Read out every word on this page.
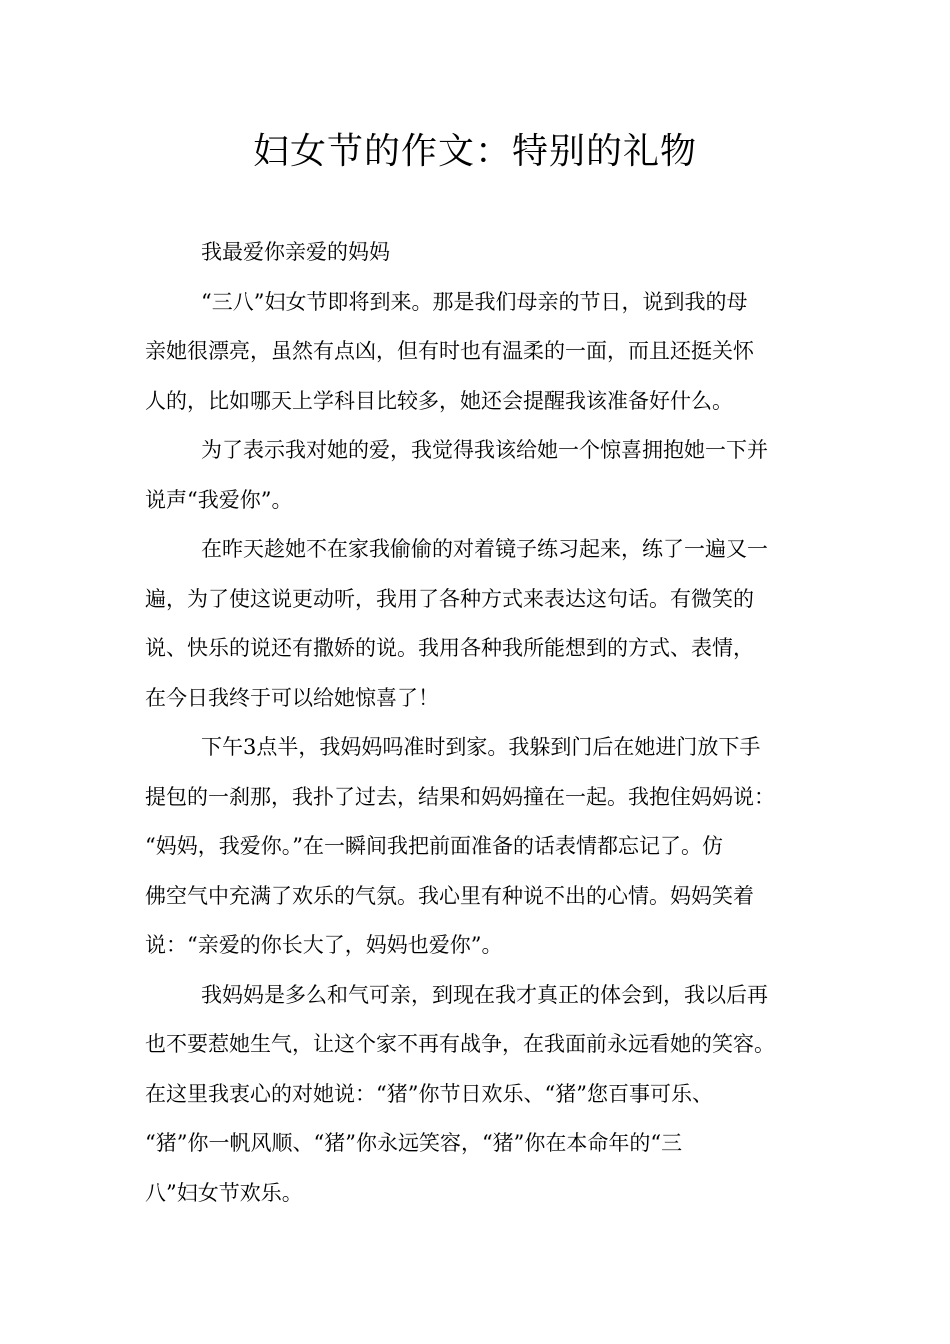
妇女节的作文：特别的礼物

我最爱你亲爱的妈妈

“三八”妇女节即将到来。那是我们母亲的节日，说到我的母
亲她很漂亮，虽然有点凶，但有时也有温柔的一面，而且还挺关怀
人的，比如哪天上学科目比较多，她还会提醒我该准备好什么。

为了表示我对她的爱，我觉得我该给她一个惊喜拥抱她一下并
说声“我爱你”。

在昨天趁她不在家我偷偷的对着镜子练习起来，练了一遍又一
遍，为了使这说更动听，我用了各种方式来表达这句话。有微笑的
说、快乐的说还有撒娇的说。我用各种我所能想到的方式、表情，
在今日我终于可以给她惊喜了！

下午3点半，我妈妈吗准时到家。我躲到门后在她进门放下手
提包的一刹那，我扑了过去，结果和妈妈撞在一起。我抱住妈妈说：
“妈妈，我爱你。”在一瞬间我把前面准备的话表情都忘记了。仿
佛空气中充满了欢乐的气氛。我心里有种说不出的心情。妈妈笑着
说：“亲爱的你长大了，妈妈也爱你”。

我妈妈是多么和气可亲，到现在我才真正的体会到，我以后再
也不要惹她生气，让这个家不再有战争，在我面前永远看她的笑容。
在这里我衷心的对她说：“猪”你节日欢乐、“猪”您百事可乐、
“猪”你一帆风顺、“猪”你永远笑容，“猪”你在本命年的“三
八”妇女节欢乐。
